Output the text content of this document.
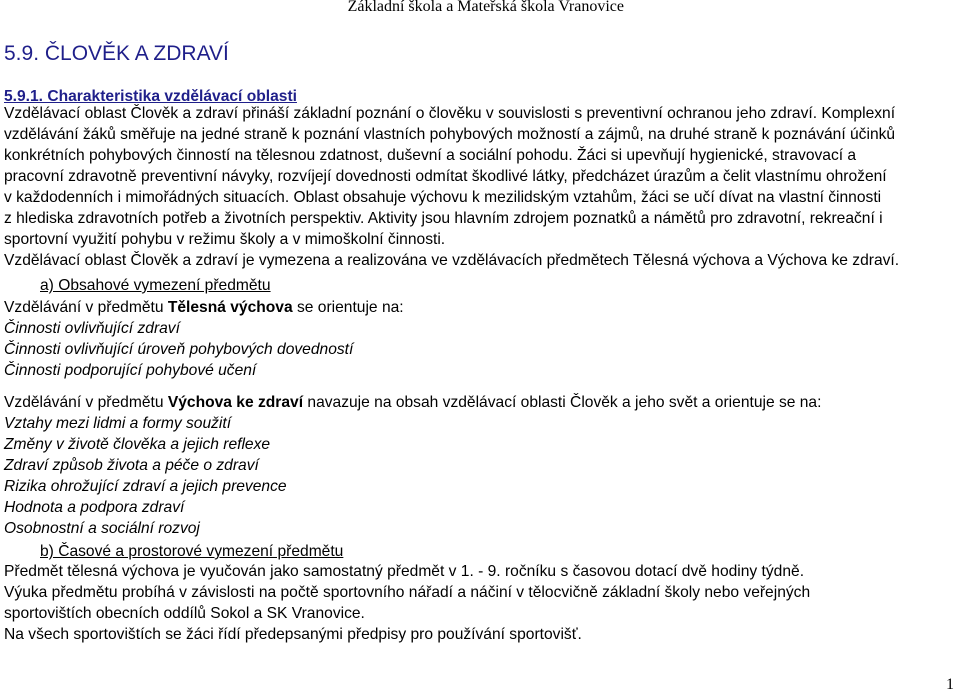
Základní škola a Mateřská škola Vranovice
5.9. ČLOVĚK A ZDRAVÍ
5.9.1. Charakteristika vzdělávací oblasti
Vzdělávací oblast Člověk a zdraví přináší základní poznání o člověku v souvislosti s preventivní ochranou jeho zdraví. Komplexní
vzdělávání žáků směřuje na jedné straně k poznání vlastních pohybových možností a zájmů, na druhé straně k poznávání účinků
konkrétních pohybových činností na tělesnou zdatnost, duševní a sociální pohodu. Žáci si upevňují hygienické, stravovací a
pracovní zdravotně preventivní návyky, rozvíjejí dovednosti odmítat škodlivé látky, předcházet úrazům a čelit vlastnímu ohrožení
v každodenních i mimořádných situacích. Oblast obsahuje výchovu k mezilidským vztahům, žáci se učí dívat na vlastní činnosti
z hlediska zdravotních potřeb a životních perspektiv. Aktivity jsou hlavním zdrojem poznatků a námětů pro zdravotní, rekreační i
sportovní využití pohybu v režimu školy a v mimoškolní činnosti.
Vzdělávací oblast Člověk a zdraví je vymezena a realizována ve vzdělávacích předmětech Tělesná výchova a Výchova ke zdraví.
a) Obsahové vymezení předmětu
Vzdělávání v předmětu Tělesná výchova se orientuje na:
Činnosti ovlivňující zdraví
Činnosti ovlivňující úroveň pohybových dovedností
Činnosti podporující pohybové učení
Vzdělávání v předmětu Výchova ke zdraví navazuje na obsah vzdělávací oblasti Člověk a jeho svět a orientuje se na:
Vztahy mezi lidmi a formy soužití
Změny v životě člověka a jejich reflexe
Zdraví způsob života a péče o zdraví
Rizika ohrožující zdraví a jejich prevence
Hodnota a podpora zdraví
Osobnostní a sociální rozvoj
b) Časové a prostorové vymezení předmětu
Předmět tělesná výchova je vyučován jako samostatný předmět v 1. - 9. ročníku s časovou dotací dvě hodiny týdně.
Výuka předmětu probíhá v závislosti na počtě sportovního nářadí a náčiní v tělocvičně základní školy nebo veřejných
sportovištích obecních oddílů Sokol a SK Vranovice.
Na všech sportovištích se žáci řídí předepsanými předpisy pro používání sportovišť.
1
